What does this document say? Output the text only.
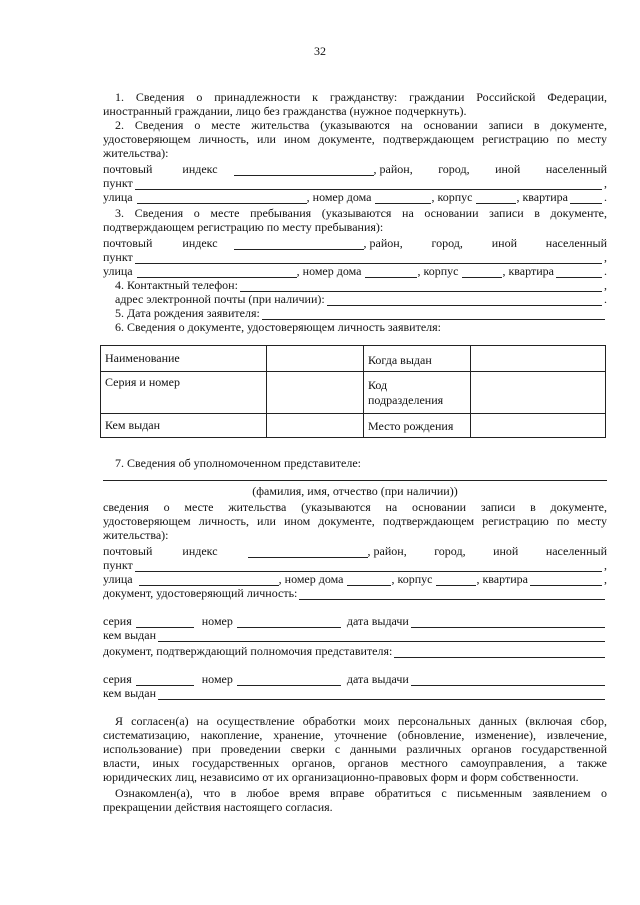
32
1. Сведения о принадлежности к гражданству: граждании Российской Федерации,
иностранный граждании, лицо без гражданства (нужное подчеркнуть).
2. Сведения о месте жительства (указываются на основании записи в документе,
удостоверяющем личность, или ином документе, подтверждающем регистрацию по месту
жительства):
почтовый	индекс	, район, город, иной населенный
пункт	,
улица	, номер дома	, корпус	, квартира	.
3. Сведения о месте пребывания (указываются на основании записи в документе,
подтверждающем регистрацию по месту пребывания):
почтовый	индекс	, район, город, иной населенный
пункт	,
улица	, номер дома	, корпус	, квартира	.
4. Контактный телефон:	,
адрес электронной почты (при наличии):	.
5. Дата рождения заявителя:
6. Сведения о документе, удостоверяющем личность заявителя:
Наименование		Когда выдан	
Серия и номер		Код
подразделения	

Кем выдан		Место рождения	
7. Сведения об уполномоченном представителе:
(фамилия, имя, отчество (при наличии))
сведения о месте жительства (указываются на основании записи в документе,
удостоверяющем личность, или ином документе, подтверждающем регистрацию по месту
жительства):
почтовый	индекс	, район, город, иной населенный
пункт	,
улица	, номер дома	, корпус	, квартира	,
документ, удостоверяющий личность:
серия	номер	дата выдачи
кем выдан
документ, подтверждающий полномочия представителя:
серия	номер	дата выдачи
кем выдан
Я согласен(а) на осуществление обработки моих персональных данных (включая сбор,
систематизацию, накопление, хранение, уточнение (обновление, изменение), извлечение,
использование) при проведении сверки с данными различных органов государственной
власти, иных государственных органов, органов местного самоуправления, а также
юридических лиц, независимо от их организационно-правовых форм и форм собственности.
Ознакомлен(а), что в любое время вправе обратиться с письменным заявлением о
прекращении действия настоящего согласия.
